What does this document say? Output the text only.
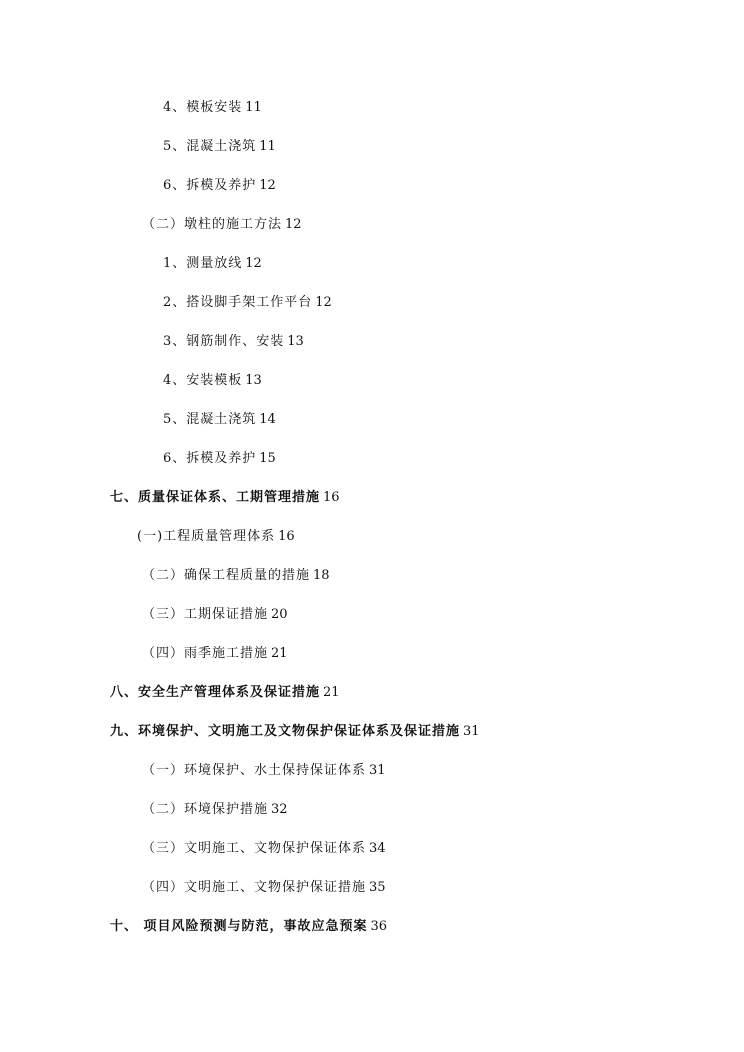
4、模板安装 11
5、混凝土浇筑 11
6、拆模及养护 12
（二）墩柱的施工方法 12
1、测量放线 12
2、搭设脚手架工作平台 12
3、钢筋制作、安装 13
4、安装模板 13
5、混凝土浇筑 14
6、拆模及养护 15
七、质量保证体系、工期管理措施 16
(一)工程质量管理体系 16
（二）确保工程质量的措施 18
（三）工期保证措施 20
（四）雨季施工措施 21
八、安全生产管理体系及保证措施 21
九、环境保护、文明施工及文物保护保证体系及保证措施 31
（一）环境保护、水土保持保证体系 31
（二）环境保护措施 32
（三）文明施工、文物保护保证体系 34
（四）文明施工、文物保护保证措施 35
十、 项目风险预测与防范，事故应急预案 36
